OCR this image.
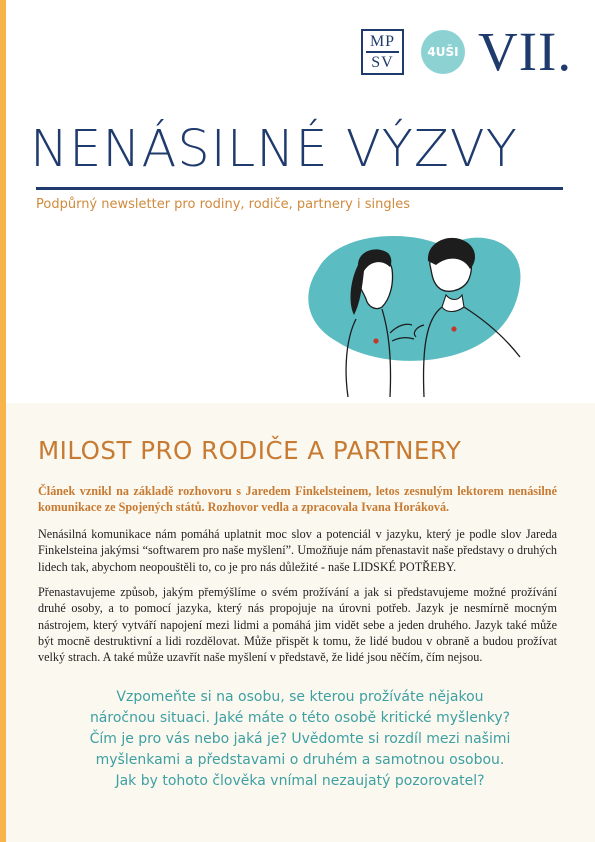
MP
SV
4UŠI VII.
NENÁSILNÉ VÝZVY
Podpůrný newsletter pro rodiny, rodiče, partnery i singles
MILOST PRO RODIČE A PARTNERY
Článek vznikl na základě rozhovoru s Jaredem Finkelsteinem, letos zesnulým lektorem nenásilné komunikace ze Spojených států. Rozhovor vedla a zpracovala Ivana Horáková.
Nenásilná komunikace nám pomáhá uplatnit moc slov a potenciál v jazyku, který je podle slov Jareda Finkelsteina jakýmsi “softwarem pro naše myšlení”. Umožňuje nám přenastavit naše představy o druhých lidech tak, abychom neopouštěli to, co je pro nás důležité - naše LIDSKÉ POTŘEBY.
Přenastavujeme způsob, jakým přemýšlíme o svém prožívání a jak si představujeme možné prožívání druhé osoby, a to pomocí jazyka, který nás propojuje na úrovni potřeb. Jazyk je nesmírně mocným nástrojem, který vytváří napojení mezi lidmi a pomáhá jim vidět sebe a jeden druhého. Jazyk také může být mocně destruktivní a lidi rozdělovat. Může přispět k tomu, že lidé budou v obraně a budou prožívat velký strach. A také může uzavřít naše myšlení v představě, že lidé jsou něčím, čím nejsou.
Vzpomeňte si na osobu, se kterou prožíváte nějakou
náročnou situaci. Jaké máte o této osobě kritické myšlenky?
Čím je pro vás nebo jaká je? Uvědomte si rozdíl mezi našimi
myšlenkami a představami o druhém a samotnou osobou.
Jak by tohoto člověka vnímal nezaujatý pozorovatel?
